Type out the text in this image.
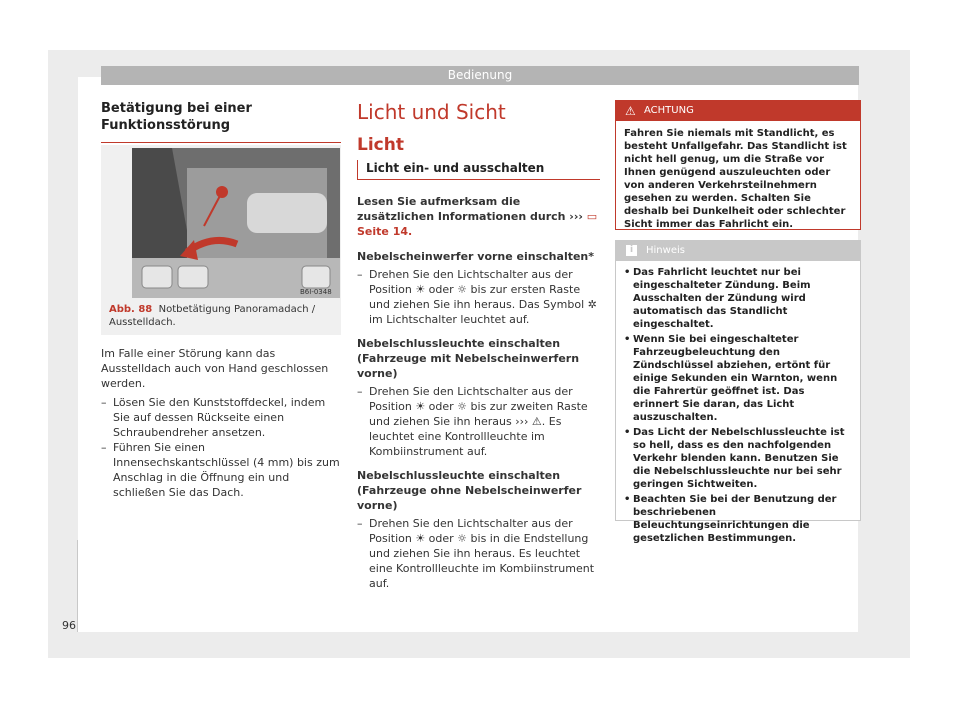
Bedienung

Betätigung bei einer Funktionsstörung

B6I-0348
Abb. 88 Notbetätigung Panoramadach / Ausstelldach.

Im Falle einer Störung kann das Ausstelldach auch von Hand geschlossen werden.

– Lösen Sie den Kunststoffdeckel, indem Sie auf dessen Rückseite einen Schraubendreher ansetzen.

– Führen Sie einen Innensechskantschlüssel (4 mm) bis zum Anschlag in die Öffnung ein und schließen Sie das Dach.

Licht und Sicht
Licht

Licht ein- und ausschalten

Lesen Sie aufmerksam die zusätzlichen Informationen durch ››› ▭ Seite 14.

Nebelscheinwerfer vorne einschalten*

– Drehen Sie den Lichtschalter aus der Position ☀ oder ☼ bis zur ersten Raste und ziehen Sie ihn heraus. Das Symbol ✲ im Lichtschalter leuchtet auf.

Nebelschlussleuchte einschalten (Fahrzeuge mit Nebelscheinwerfern vorne)

– Drehen Sie den Lichtschalter aus der Position ☀ oder ☼ bis zur zweiten Raste und ziehen Sie ihn heraus ››› ⚠. Es leuchtet eine Kontrollleuchte im Kombiinstrument auf.

Nebelschlussleuchte einschalten (Fahrzeuge ohne Nebelscheinwerfer vorne)

– Drehen Sie den Lichtschalter aus der Position ☀ oder ☼ bis in die Endstellung und ziehen Sie ihn heraus. Es leuchtet eine Kontrollleuchte im Kombiinstrument auf.

⚠ ACHTUNG
Fahren Sie niemals mit Standlicht, es besteht Unfallgefahr. Das Standlicht ist nicht hell genug, um die Straße vor Ihnen genügend auszuleuchten oder von anderen Verkehrsteilnehmern gesehen zu werden. Schalten Sie deshalb bei Dunkelheit oder schlechter Sicht immer das Fahrlicht ein.
i	Hinweis

• Das Fahrlicht leuchtet nur bei eingeschalteter Zündung. Beim Ausschalten der Zündung wird automatisch das Standlicht eingeschaltet.

• Wenn Sie bei eingeschalteter Fahrzeugbeleuchtung den Zündschlüssel abziehen, ertönt für einige Sekunden ein Warnton, wenn die Fahrertür geöffnet ist. Das erinnert Sie daran, das Licht auszuschalten.

• Das Licht der Nebelschlussleuchte ist so hell, dass es den nachfolgenden Verkehr blenden kann. Benutzen Sie die Nebelschlussleuchte nur bei sehr geringen Sichtweiten.

• Beachten Sie bei der Benutzung der beschriebenen Beleuchtungseinrichtungen die gesetzlichen Bestimmungen.

96
